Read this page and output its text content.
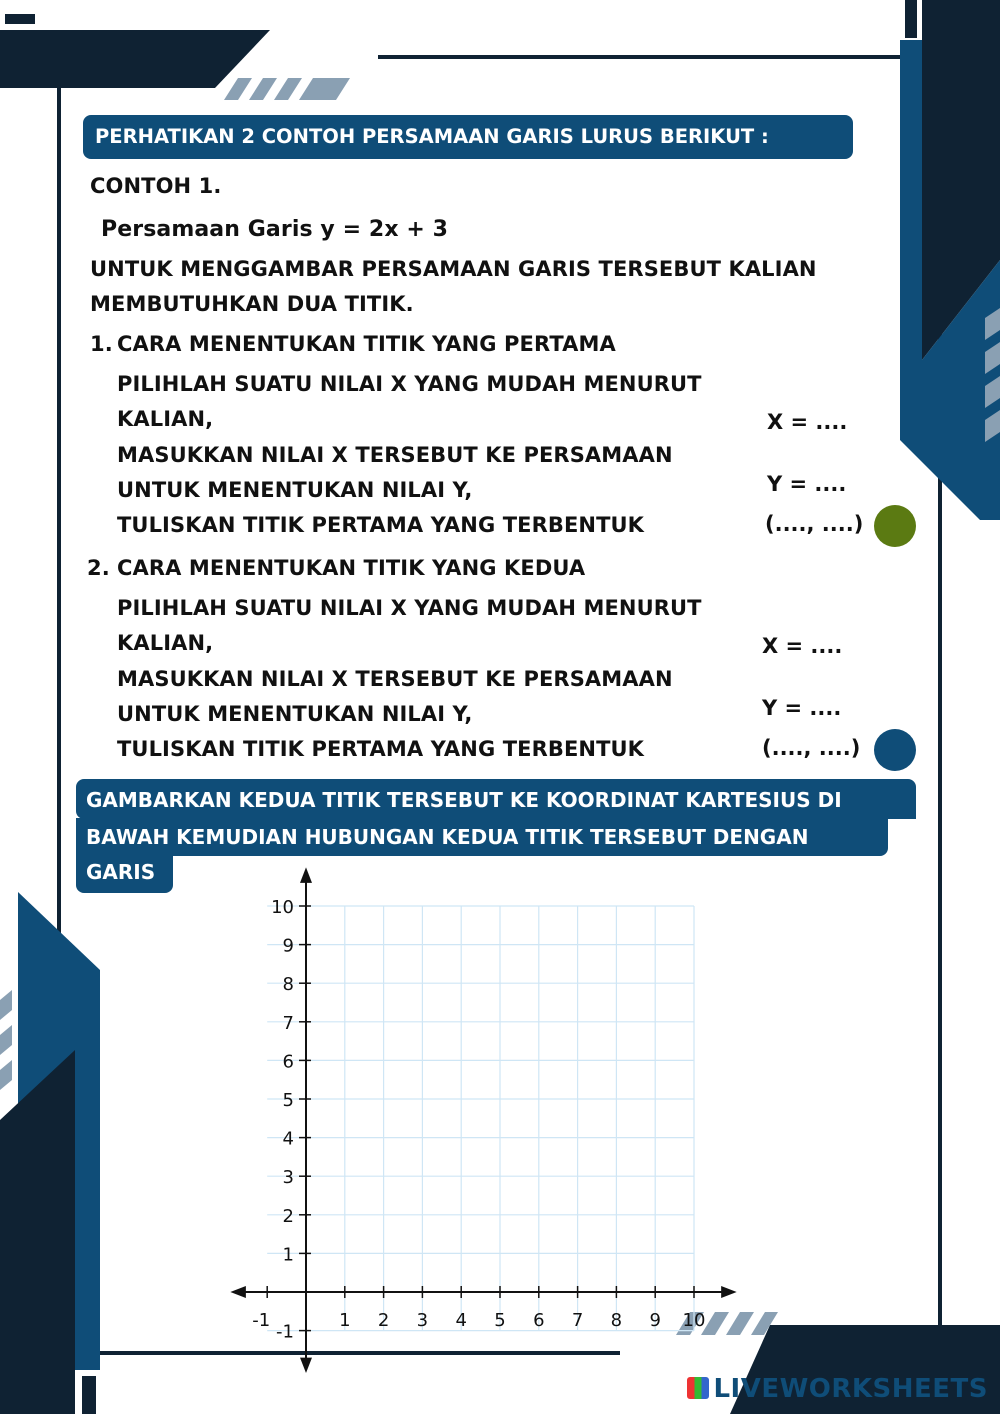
PERHATIKAN 2 CONTOH PERSAMAAN GARIS LURUS BERIKUT :
CONTOH 1.
Persamaan Garis y = 2x + 3
UNTUK MENGGAMBAR PERSAMAAN GARIS TERSEBUT KALIAN
MEMBUTUHKAN DUA TITIK.
1. CARA MENENTUKAN TITIK YANG PERTAMA
PILIHLAH SUATU NILAI X YANG MUDAH MENURUT
KALIAN,
MASUKKAN NILAI X TERSEBUT KE PERSAMAAN
UNTUK MENENTUKAN NILAI Y,
TULISKAN TITIK PERTAMA YANG TERBENTUK
X = ....
Y = ....
(...., ....)
2. CARA MENENTUKAN TITIK YANG KEDUA
PILIHLAH SUATU NILAI X YANG MUDAH MENURUT
KALIAN,
MASUKKAN NILAI X TERSEBUT KE PERSAMAAN
UNTUK MENENTUKAN NILAI Y,
TULISKAN TITIK PERTAMA YANG TERBENTUK
X = ....
Y = ....
(...., ....)
GAMBARKAN KEDUA TITIK TERSEBUT KE KOORDINAT KARTESIUS DI
BAWAH KEMUDIAN HUBUNGAN KEDUA TITIK TERSEBUT DENGAN
GARIS
-1	1 2 3 4 5 6 7 8 9 10
-1
1
2
3
4
5
6
7
8
9
10
LIVEWORKSHEETS
